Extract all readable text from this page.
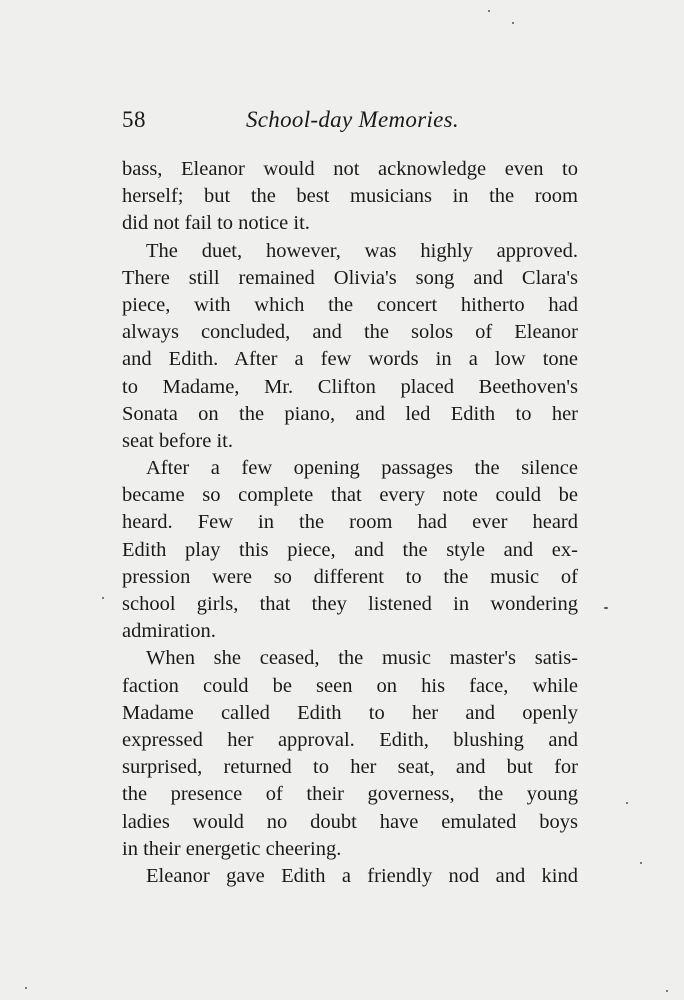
58	School-day Memories.
bass, Eleanor would not acknowledge even to
herself; but the best musicians in the room
did not fail to notice it.
The duet, however, was highly approved.
There still remained Olivia's song and Clara's
piece, with which the concert hitherto had
always concluded, and the solos of Eleanor
and Edith. After a few words in a low tone
to Madame, Mr. Clifton placed Beethoven's
Sonata on the piano, and led Edith to her
seat before it.
After a few opening passages the silence
became so complete that every note could be
heard. Few in the room had ever heard
Edith play this piece, and the style and ex-
pression were so different to the music of
school girls, that they listened in wondering
admiration.
When she ceased, the music master's satis-
faction could be seen on his face, while
Madame called Edith to her and openly
expressed her approval. Edith, blushing and
surprised, returned to her seat, and but for
the presence of their governess, the young
ladies would no doubt have emulated boys
in their energetic cheering.
Eleanor gave Edith a friendly nod and kind
